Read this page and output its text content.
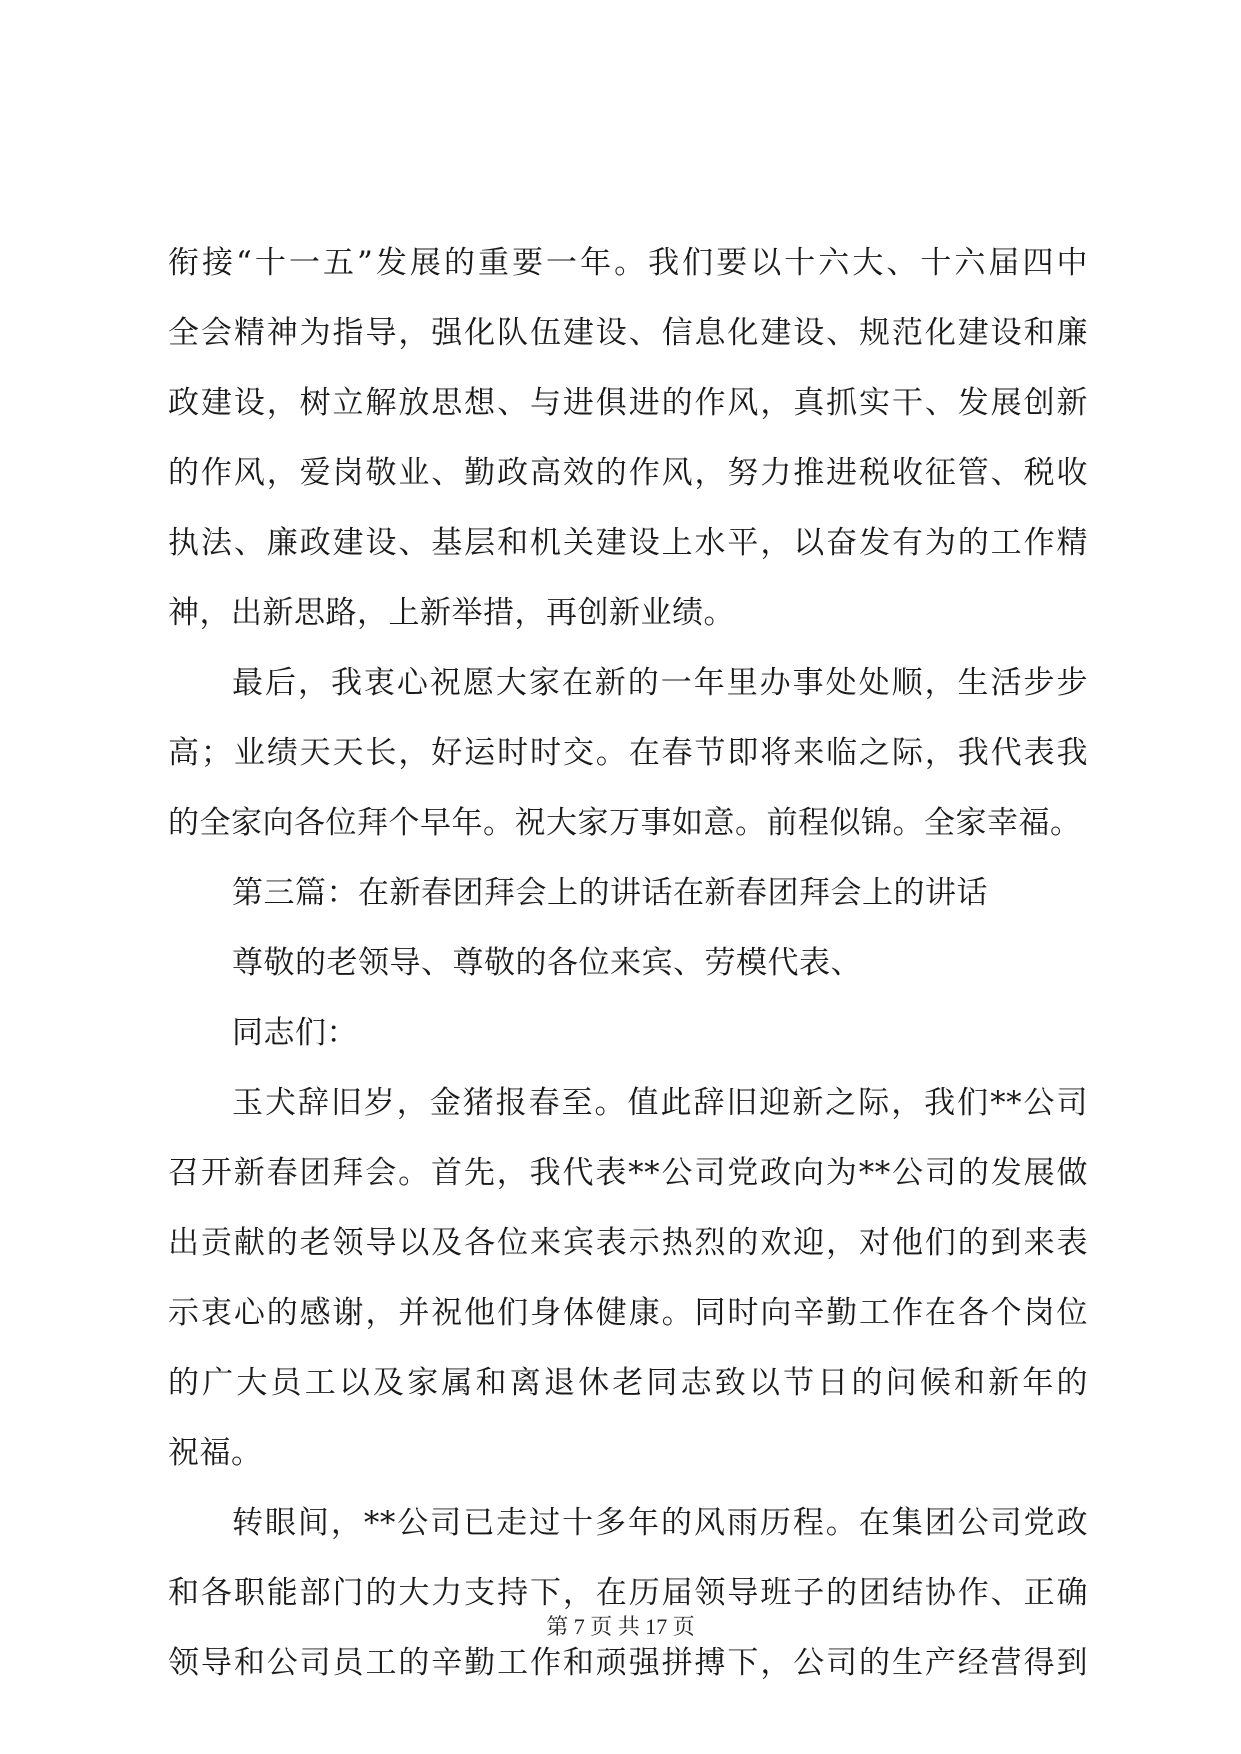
衔接“十一五”发展的重要一年。我们要以十六大、十六届四中
全会精神为指导，强化队伍建设、信息化建设、规范化建设和廉
政建设，树立解放思想、与进俱进的作风，真抓实干、发展创新
的作风，爱岗敬业、勤政高效的作风，努力推进税收征管、税收
执法、廉政建设、基层和机关建设上水平，以奋发有为的工作精
神，出新思路，上新举措，再创新业绩。
最后，我衷心祝愿大家在新的一年里办事处处顺，生活步步
高；业绩天天长，好运时时交。在春节即将来临之际，我代表我
的全家向各位拜个早年。祝大家万事如意。前程似锦。全家幸福。
第三篇：在新春团拜会上的讲话在新春团拜会上的讲话
尊敬的老领导、尊敬的各位来宾、劳模代表、
同志们：
玉犬辞旧岁，金猪报春至。值此辞旧迎新之际，我们**公司
召开新春团拜会。首先，我代表**公司党政向为**公司的发展做
出贡献的老领导以及各位来宾表示热烈的欢迎，对他们的到来表
示衷心的感谢，并祝他们身体健康。同时向辛勤工作在各个岗位
的广大员工以及家属和离退休老同志致以节日的问候和新年的
祝福。
转眼间，**公司已走过十多年的风雨历程。在集团公司党政
和各职能部门的大力支持下，在历届领导班子的团结协作、正确
领导和公司员工的辛勤工作和顽强拼搏下，公司的生产经营得到
第 7 页 共 17 页
